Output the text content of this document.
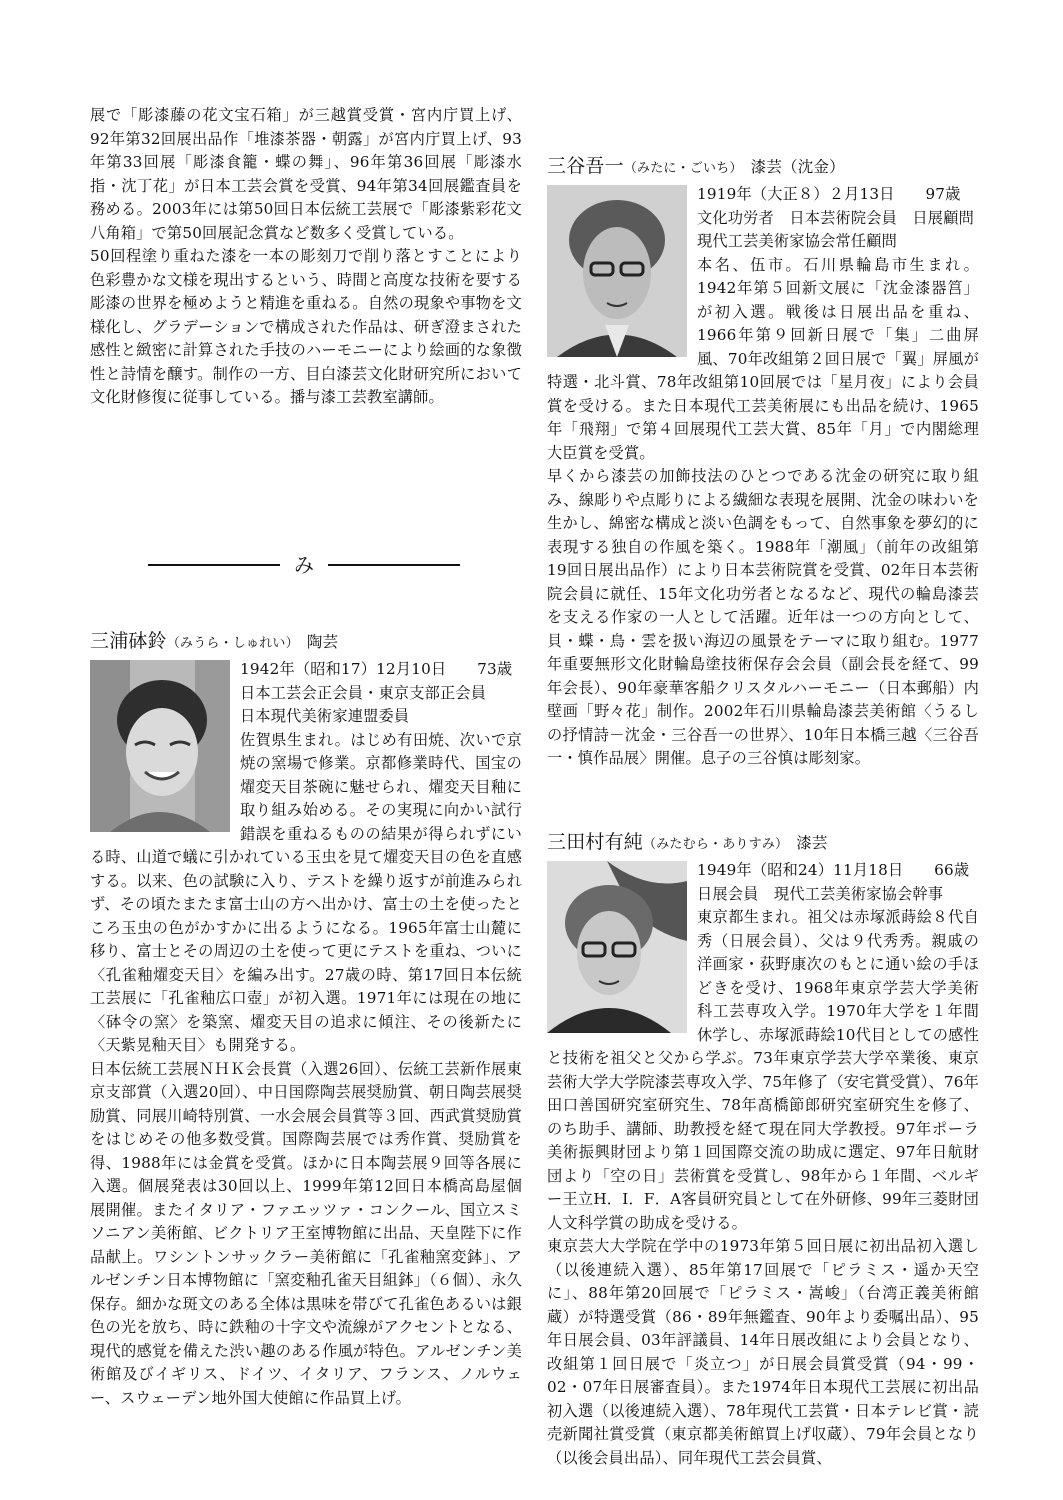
展で「彫漆藤の花文宝石箱」が三越賞受賞・宮内庁買上げ、92年第32回展出品作「堆漆茶器・朝露」が宮内庁買上げ、93年第33回展「彫漆食籠・蝶の舞」、96年第36回展「彫漆水指・沈丁花」が日本工芸会賞を受賞、94年第34回展鑑査員を務める。2003年には第50回日本伝統工芸展で「彫漆紫彩花文八角箱」で第50回展記念賞など数多く受賞している。

50回程塗り重ねた漆を一本の彫刻刀で削り落とすことにより色彩豊かな文様を現出するという、時間と高度な技術を要する彫漆の世界を極めようと精進を重ねる。自然の現象や事物を文様化し、グラデーションで構成された作品は、研ぎ澄まされた感性と緻密に計算された手技のハーモニーにより絵画的な象徴性と詩情を醸す。制作の一方、目白漆芸文化財研究所において文化財修復に従事している。播与漆工芸教室講師。

み
三浦砵鈴（みうら・しゅれい） 陶芸
1942年（昭和17）12月10日　　73歳
日本工芸会正会員・東京支部正会員
日本現代美術家連盟委員

佐賀県生まれ。はじめ有田焼、次いで京焼の窯場で修業。京都修業時代、国宝の燿変天目茶碗に魅せられ、燿変天目釉に取り組み始める。その実現に向かい試行錯誤を重ねるものの結果が得られずにいる時、山道で蟻に引かれている玉虫を見て燿変天目の色を直感する。以来、色の試験に入り、テストを繰り返すが前進みられず、その頃たまたま富士山の方へ出かけ、富士の土を使ったところ玉虫の色がかすかに出るようになる。1965年富士山麓に移り、富士とその周辺の土を使って更にテストを重ね、ついに〈孔雀釉燿変天目〉を編み出す。27歳の時、第17回日本伝統工芸展に「孔雀釉広口壺」が初入選。1971年には現在の地に〈砵令の窯〉を築窯、燿変天目の追求に傾注、その後新たに〈天紫晃釉天目〉も開発する。

日本伝統工芸展ＮＨＫ会長賞（入選26回）、伝統工芸新作展東京支部賞（入選20回）、中日国際陶芸展奨励賞、朝日陶芸展奨励賞、同展川崎特別賞、一水会展会員賞等３回、西武賞奨励賞をはじめその他多数受賞。国際陶芸展では秀作賞、奨励賞を得、1988年には金賞を受賞。ほかに日本陶芸展９回等各展に入選。個展発表は30回以上、1999年第12回日本橋高島屋個展開催。またイタリア・ファエッツァ・コンクール、国立スミソニアン美術館、ビクトリア王室博物館に出品、天皇陛下に作品献上。ワシントンサックラー美術館に「孔雀釉窯変鉢」、アルゼンチン日本博物館に「窯変釉孔雀天目組鉢」（６個）、永久保存。細かな斑文のある全体は黒味を帯びて孔雀色あるいは銀色の光を放ち、時に鉄釉の十字文や流線がアクセントとなる、現代的感覚を備えた渋い趣のある作風が特色。アルゼンチン美術館及びイギリス、ドイツ、イタリア、フランス、ノルウェー、スウェーデン地外国大使館に作品買上げ。

三谷吾一（みたに・ごいち） 漆芸（沈金）
1919年（大正８）２月13日　　97歳
文化功労者　日本芸術院会員　日展顧問　現代工芸美術家協会常任顧問

本名、伍市。石川県輪島市生まれ。1942年第５回新文展に「沈金漆器筥」が初入選。戦後は日展出品を重ね、1966年第９回新日展で「集」二曲屏風、70年改組第２回日展で「翼」屏風が特選・北斗賞、78年改組第10回展では「星月夜」により会員賞を受ける。また日本現代工芸美術展にも出品を続け、1965年「飛翔」で第４回展現代工芸大賞、85年「月」で内閣総理大臣賞を受賞。

早くから漆芸の加飾技法のひとつである沈金の研究に取り組み、線彫りや点彫りによる繊細な表現を展開、沈金の味わいを生かし、綿密な構成と淡い色調をもって、自然事象を夢幻的に表現する独自の作風を築く。1988年「潮風」（前年の改組第19回日展出品作）により日本芸術院賞を受賞、02年日本芸術院会員に就任、15年文化功労者となるなど、現代の輪島漆芸を支える作家の一人として活躍。近年は一つの方向として、貝・蝶・鳥・雲を扱い海辺の風景をテーマに取り組む。1977年重要無形文化財輪島塗技術保存会会員（副会長を経て、99年会長）、90年豪華客船クリスタルハーモニー（日本郵船）内壁画「野々花」制作。2002年石川県輪島漆芸美術館〈うるしの抒情詩－沈金・三谷吾一の世界〉、10年日本橋三越〈三谷吾一・慎作品展〉開催。息子の三谷慎は彫刻家。

三田村有純（みたむら・ありすみ） 漆芸
1949年（昭和24）11月18日　　66歳
日展会員　現代工芸美術家協会幹事

東京都生まれ。祖父は赤塚派蒔絵８代自秀（日展会員）、父は９代秀秀。親戚の洋画家・荻野康次のもとに通い絵の手ほどきを受け、1968年東京学芸大学美術科工芸専攻入学。1970年大学を１年間休学し、赤塚派蒔絵10代目としての感性と技術を祖父と父から学ぶ。73年東京学芸大学卒業後、東京芸術大学大学院漆芸専攻入学、75年修了（安宅賞受賞）、76年田口善国研究室研究生、78年髙橋節郎研究室研究生を修了、のち助手、講師、助教授を経て現在同大学教授。97年ポーラ美術振興財団より第１回国際交流の助成に選定、97年日航財団より「空の日」芸術賞を受賞し、98年から１年間、ベルギー王立H．I．F．A客員研究員として在外研修、99年三菱財団人文科学賞の助成を受ける。

東京芸大大学院在学中の1973年第５回日展に初出品初入選し（以後連続入選）、85年第17回展で「ピラミス・遥か天空に」、88年第20回展で「ピラミス・嵩峻」（台湾正義美術館蔵）が特選受賞（86・89年無鑑査、90年より委嘱出品）、95年日展会員、03年評議員、14年日展改組により会員となり、改組第１回日展で「炎立つ」が日展会員賞受賞（94・99・02・07年日展審査員）。また1974年日本現代工芸展に初出品初入選（以後連続入選）、78年現代工芸賞・日本テレビ賞・読売新聞社賞受賞（東京都美術館買上げ収蔵）、79年会員となり（以後会員出品）、同年現代工芸会員賞、
